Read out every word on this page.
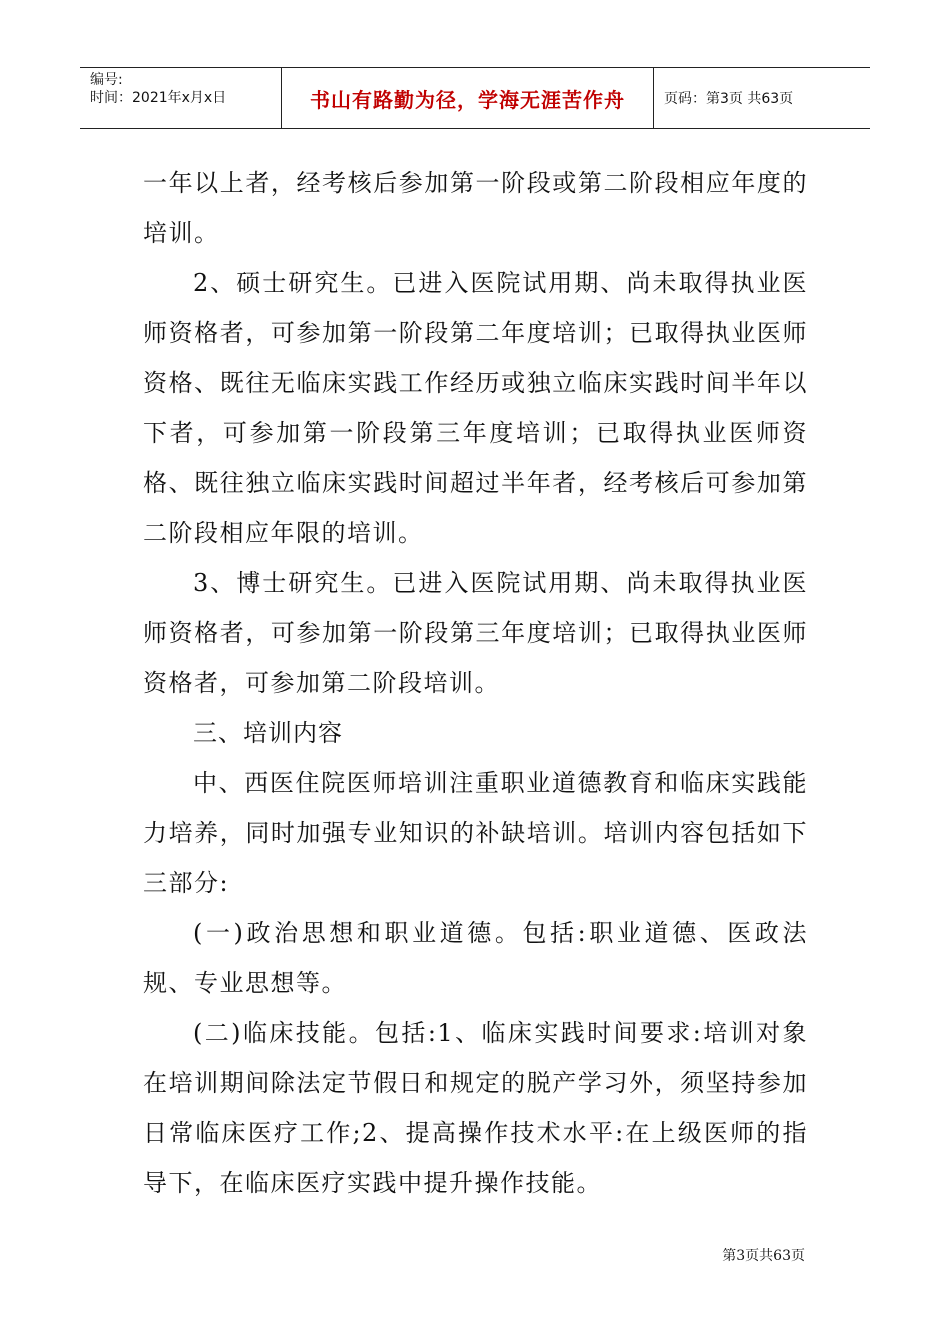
编号:
时间：2021年x月x日	书山有路勤为径，学海无涯苦作舟	页码：第3页 共63页

一年以上者，经考核后参加第一阶段或第二阶段相应年度的培训。

2、硕士研究生。已进入医院试用期、尚未取得执业医师资格者，可参加第一阶段第二年度培训；已取得执业医师资格、既往无临床实践工作经历或独立临床实践时间半年以下者，可参加第一阶段第三年度培训；已取得执业医师资格、既往独立临床实践时间超过半年者，经考核后可参加第二阶段相应年限的培训。

3、博士研究生。已进入医院试用期、尚未取得执业医师资格者，可参加第一阶段第三年度培训；已取得执业医师资格者，可参加第二阶段培训。

三、培训内容

中、西医住院医师培训注重职业道德教育和临床实践能力培养，同时加强专业知识的补缺培训。培训内容包括如下三部分:

(一)政治思想和职业道德。包括:职业道德、医政法规、专业思想等。

(二)临床技能。包括:1、临床实践时间要求:培训对象在培训期间除法定节假日和规定的脱产学习外，须坚持参加日常临床医疗工作;2、提高操作技术水平:在上级医师的指导下，在临床医疗实践中提升操作技能。

第3页共63页
